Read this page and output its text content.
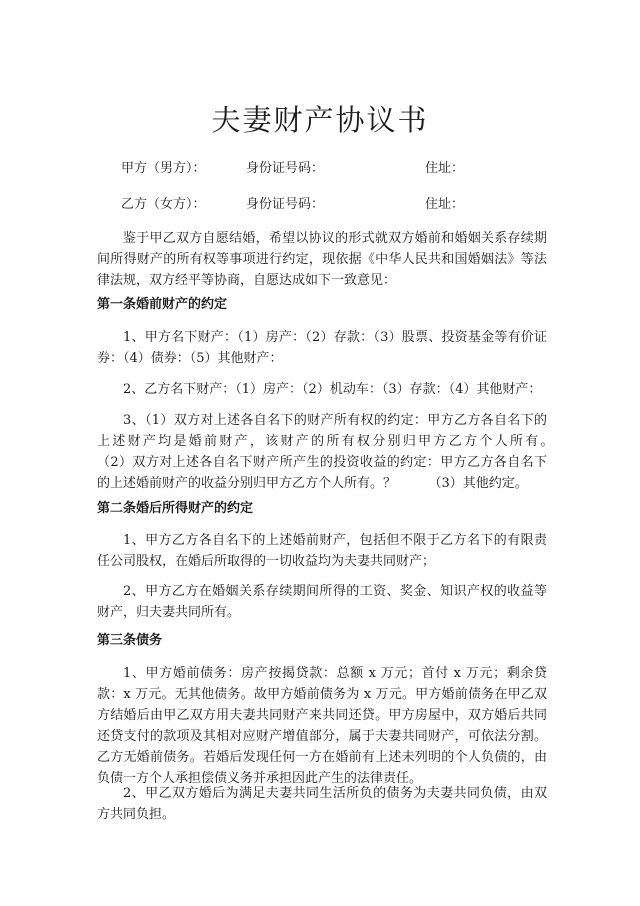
夫妻财产协议书
甲方（男方）：	身份证号码：	住址：
乙方（女方）：	身份证号码：	住址：
鉴于甲乙双方自愿结婚，希望以协议的形式就双方婚前和婚姻关系存续期间所得财产的所有权等事项进行约定，现依据《中华人民共和国婚姻法》等法律法规，双方经平等协商，自愿达成如下一致意见：
第一条婚前财产的约定
1、甲方名下财产：（1）房产：（2）存款：（3）股票、投资基金等有价证券：（4）债券：（5）其他财产：
2、乙方名下财产：（1）房产：（2）机动车：（3）存款：（4）其他财产：
3、（1）双方对上述各自名下的财产所有权的约定：甲方乙方各自名下的上述财产均是婚前财产，该财产的所有权分别归甲方乙方个人所有。　　　　（2）双方对上述各自名下财产所产生的投资收益的约定：甲方乙方各自名下的上述婚前财产的收益分别归甲方乙方个人所有。？　　　（3）其他约定。
第二条婚后所得财产的约定
1、甲方乙方各自名下的上述婚前财产，包括但不限于乙方名下的有限责任公司股权，在婚后所取得的一切收益均为夫妻共同财产；
2、甲方乙方在婚姻关系存续期间所得的工资、奖金、知识产权的收益等财产，归夫妻共同所有。
第三条债务
1、甲方婚前债务：房产按揭贷款：总额 x 万元；首付 x 万元；剩余贷款：x 万元。无其他债务。故甲方婚前债务为 x 万元。甲方婚前债务在甲乙双方结婚后由甲乙双方用夫妻共同财产来共同还贷。甲方房屋中，双方婚后共同还贷支付的款项及其相对应财产增值部分，属于夫妻共同财产，可依法分割。乙方无婚前债务。若婚后发现任何一方在婚前有上述未列明的个人负债的，由负债一方个人承担偿债义务并承担因此产生的法律责任。
2、甲乙双方婚后为满足夫妻共同生活所负的债务为夫妻共同负债，由双方共同负担。
